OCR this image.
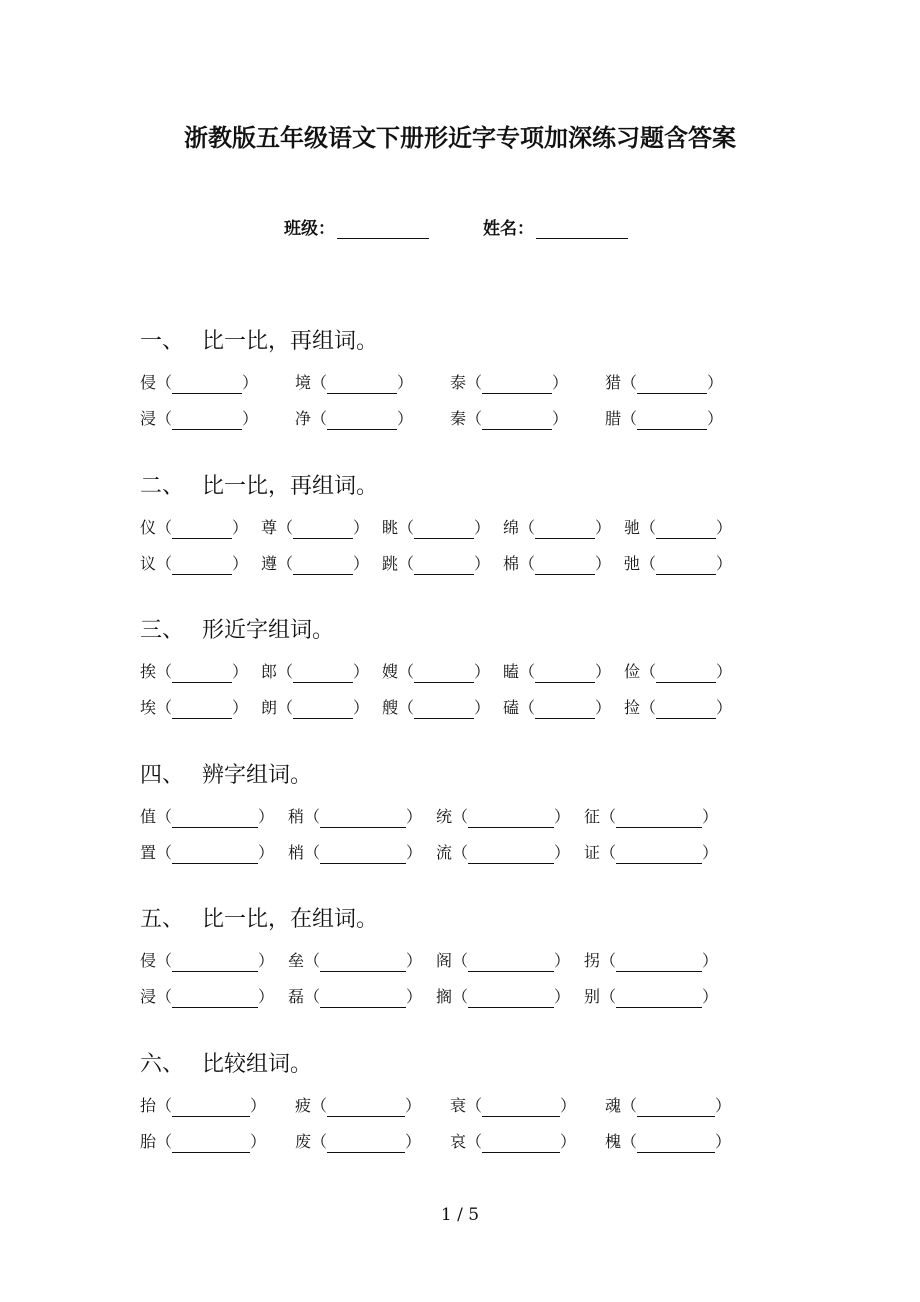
浙教版五年级语文下册形近字专项加深练习题含答案
班级：	姓名：
一、 比一比，再组词。
侵 （	） 境 （	） 泰 （	） 猎 （	）
浸 （	） 净 （	） 秦 （	） 腊 （	）
二、 比一比，再组词。
仪 （	） 尊 （	） 眺 （	） 绵 （	） 驰 （	）
议 （	） 遵 （	） 跳 （	） 棉 （	） 弛 （	）
三、 形近字组词。
挨 （	） 郎 （	） 嫂 （	） 瞌 （	） 俭 （	）
埃 （	） 朗 （	） 艘 （	） 磕 （	） 捡 （	）
四、 辨字组词。
值 （	） 稍 （	） 统 （	） 征 （	）
置 （	） 梢 （	） 流 （	） 证 （	）
五、 比一比，在组词。
侵 （	） 垒 （	） 阁 （	） 拐 （	）
浸 （	） 磊 （	） 搁 （	） 别 （	）
六、 比较组词。
抬 （	） 疲 （	） 衰 （	） 魂 （	）
胎 （	） 废 （	） 哀 （	） 槐 （	）
1 / 5
